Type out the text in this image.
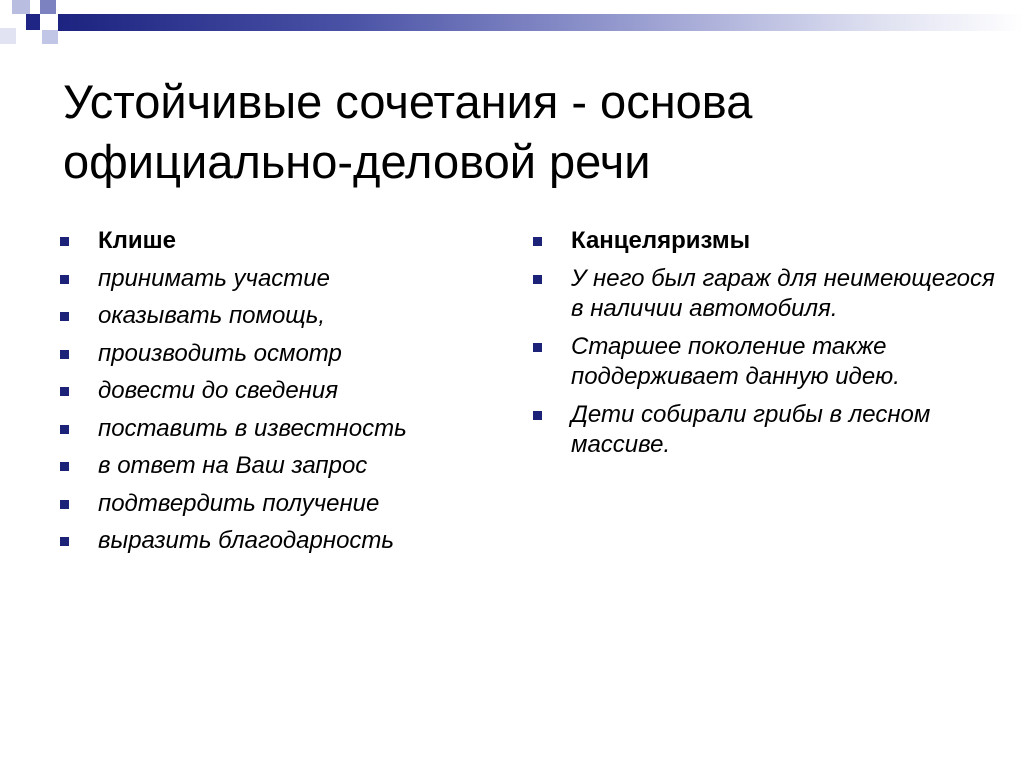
Устойчивые сочетания - основа официально-деловой речи
Клише
принимать участие
оказывать помощь,
производить осмотр
довести до сведения
поставить в известность
в ответ на Ваш запрос
подтвердить получение
выразить благодарность
Канцеляризмы
У него был гараж для неимеющегося в наличии автомобиля.
Старшее поколение также поддерживает данную идею.
Дети собирали грибы в лесном массиве.
